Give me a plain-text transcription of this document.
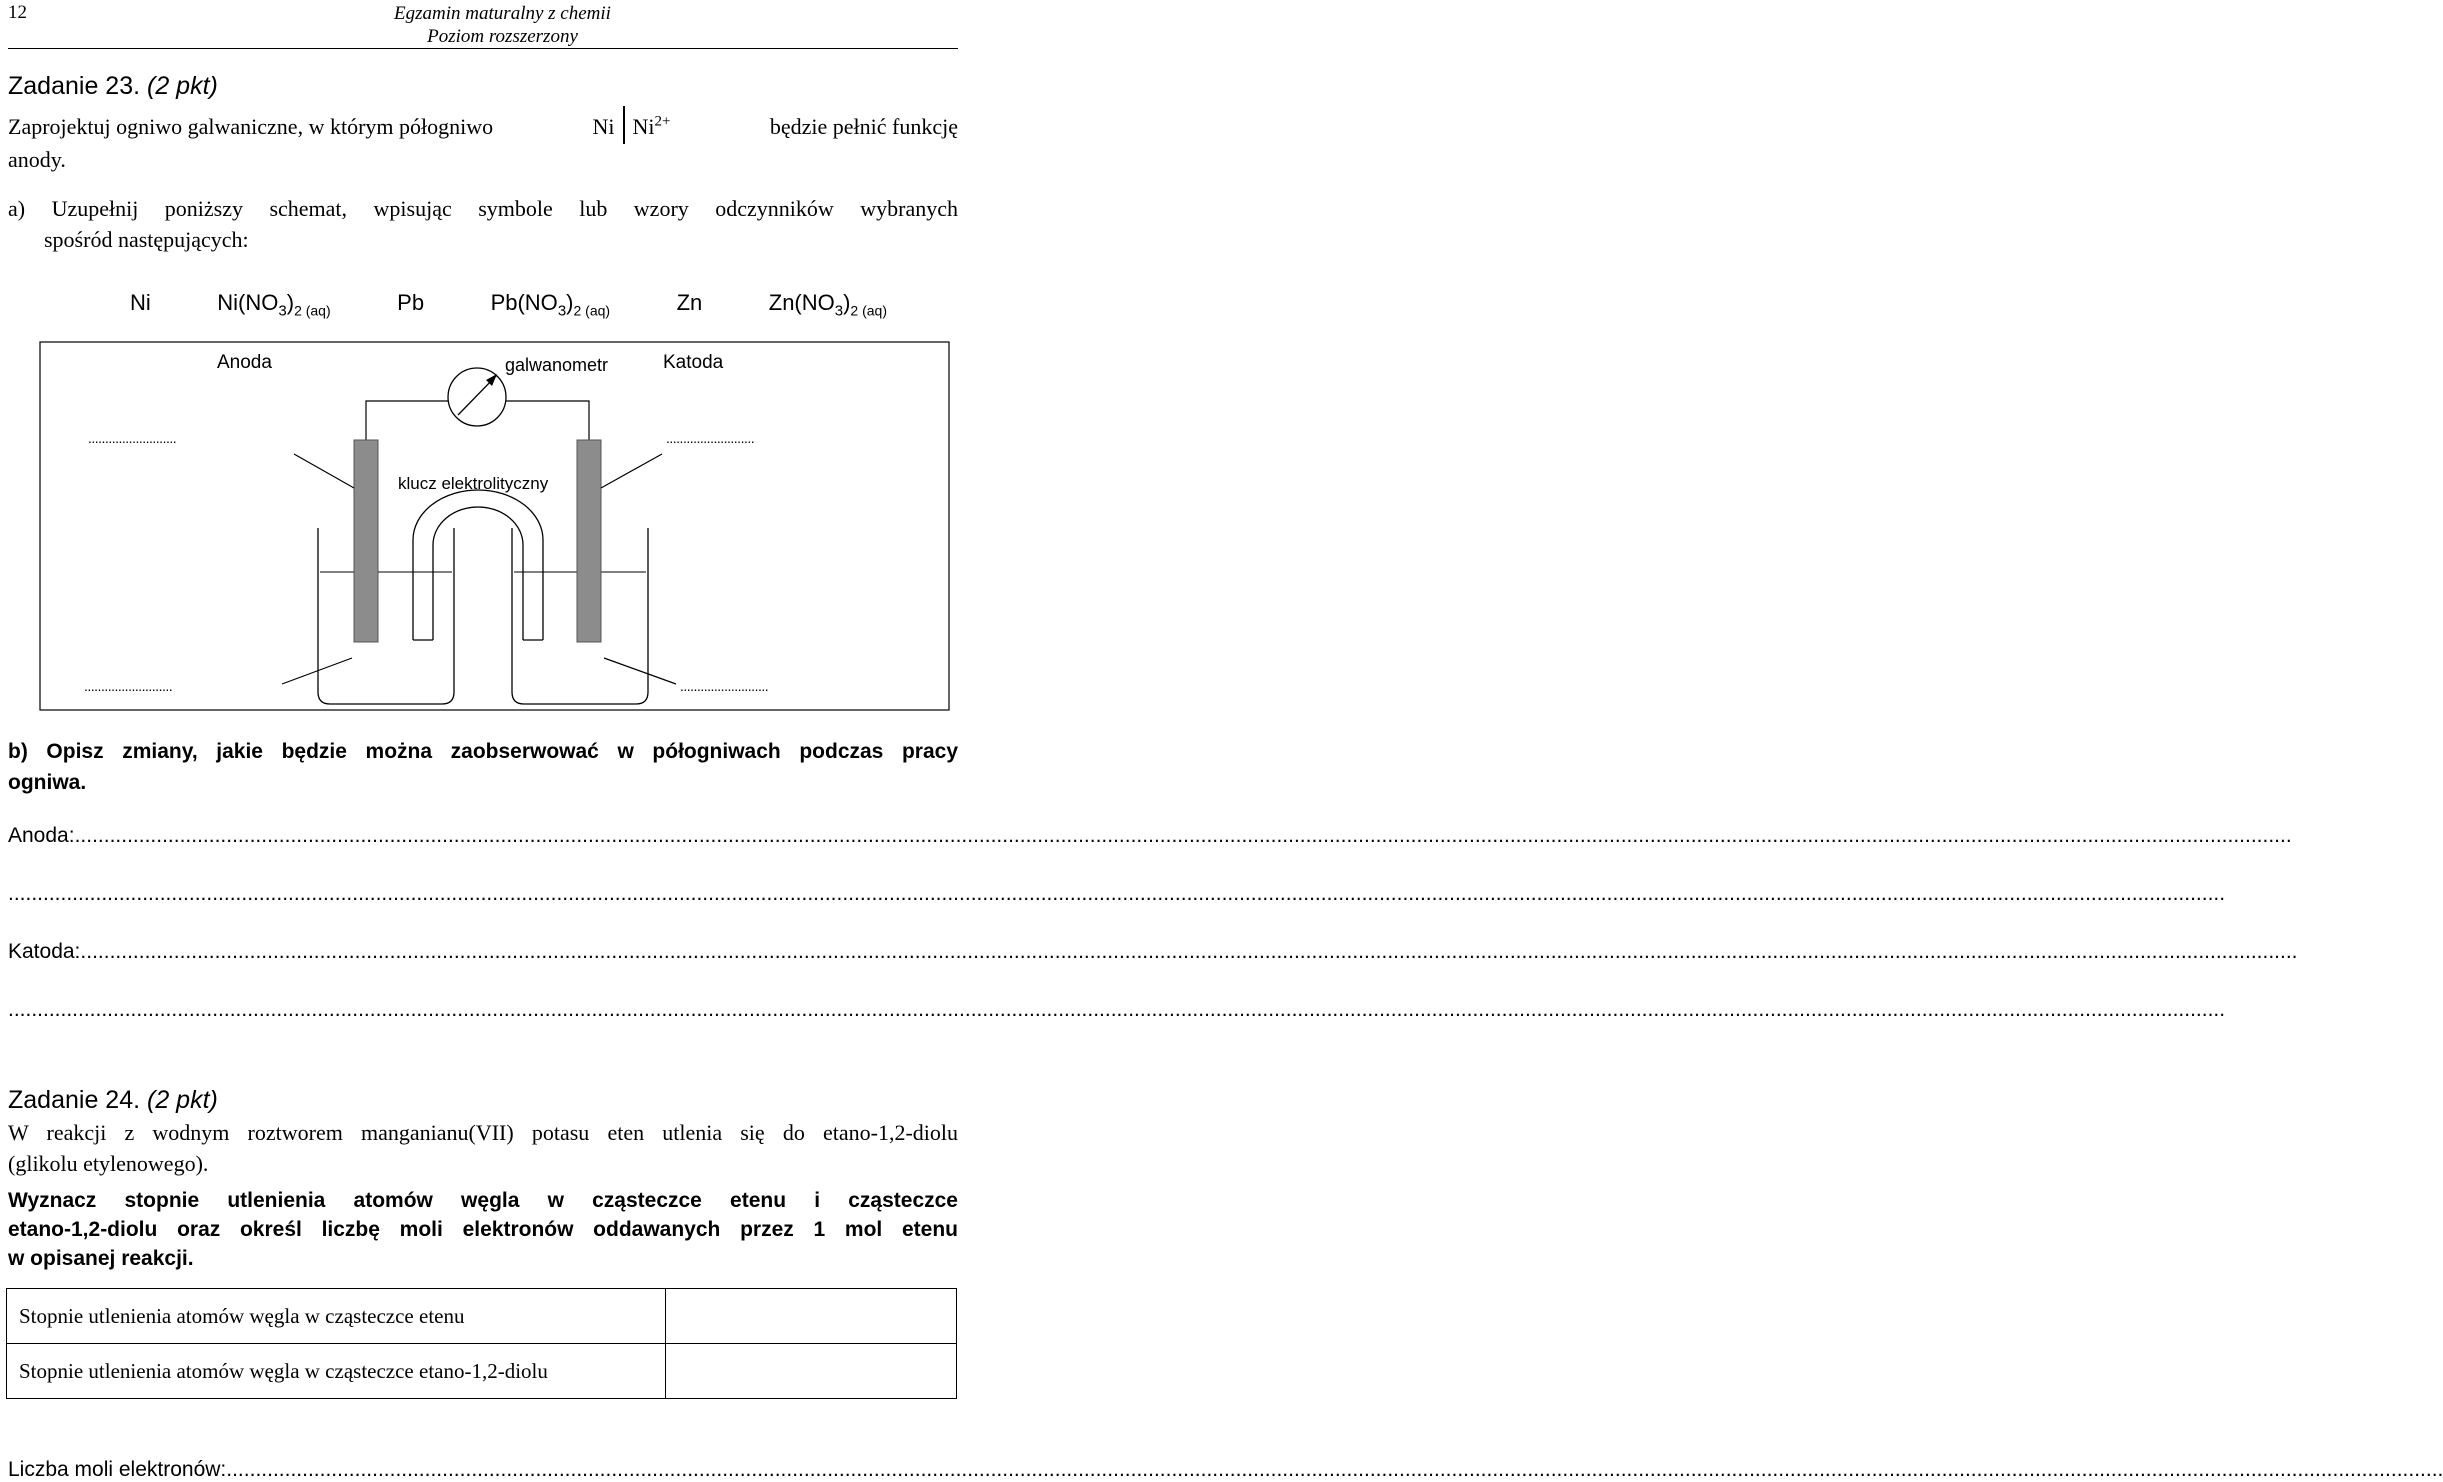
12	Egzamin maturalny z chemii
Poziom rozszerzony
Zadanie 23. (2 pkt)
Zaprojektuj ogniwo galwaniczne, w którym półogniwo	Ni $Ni^{2+}$	będzie pełnić funkcję
anody.
a) Uzupełnij poniższy schemat, wpisując symbole lub wzory odczynników wybranych
spośród następujących:
Ni	$Ni(NO_3)_{2 (aq)}$	Pb	$Pb(NO_3)_{2 (aq)}$	Zn	$Zn(NO_3)_{2 (aq)}$
Anoda	galwanometr	Katoda
klucz elektrolityczny
..........................	..........................
..........................	..........................
b) Opisz zmiany, jakie będzie można zaobserwować w półogniwach podczas pracy
ogniwa.
Anoda:............................................................................................................................................................................................................................................................................................................................................................................................
............................................................................................................................................................................................................................................................................................................................................................................................
Katoda:............................................................................................................................................................................................................................................................................................................................................................................................
............................................................................................................................................................................................................................................................................................................................................................................................
Zadanie 24. (2 pkt)
W reakcji z wodnym roztworem manganianu(VII) potasu eten utlenia się do etano-1,2-diolu
(glikolu etylenowego).
Wyznacz stopnie utlenienia atomów węgla w cząsteczce etenu i cząsteczce
etano-1,2-diolu oraz określ liczbę moli elektronów oddawanych przez 1 mol etenu
w opisanej reakcji.
Stopnie utlenienia atomów węgla w cząsteczce etenu	
Stopnie utlenienia atomów węgla w cząsteczce etano-1,2-diolu	
Liczba moli elektronów:............................................................................................................................................................................................................................................................................................................................................................................................
